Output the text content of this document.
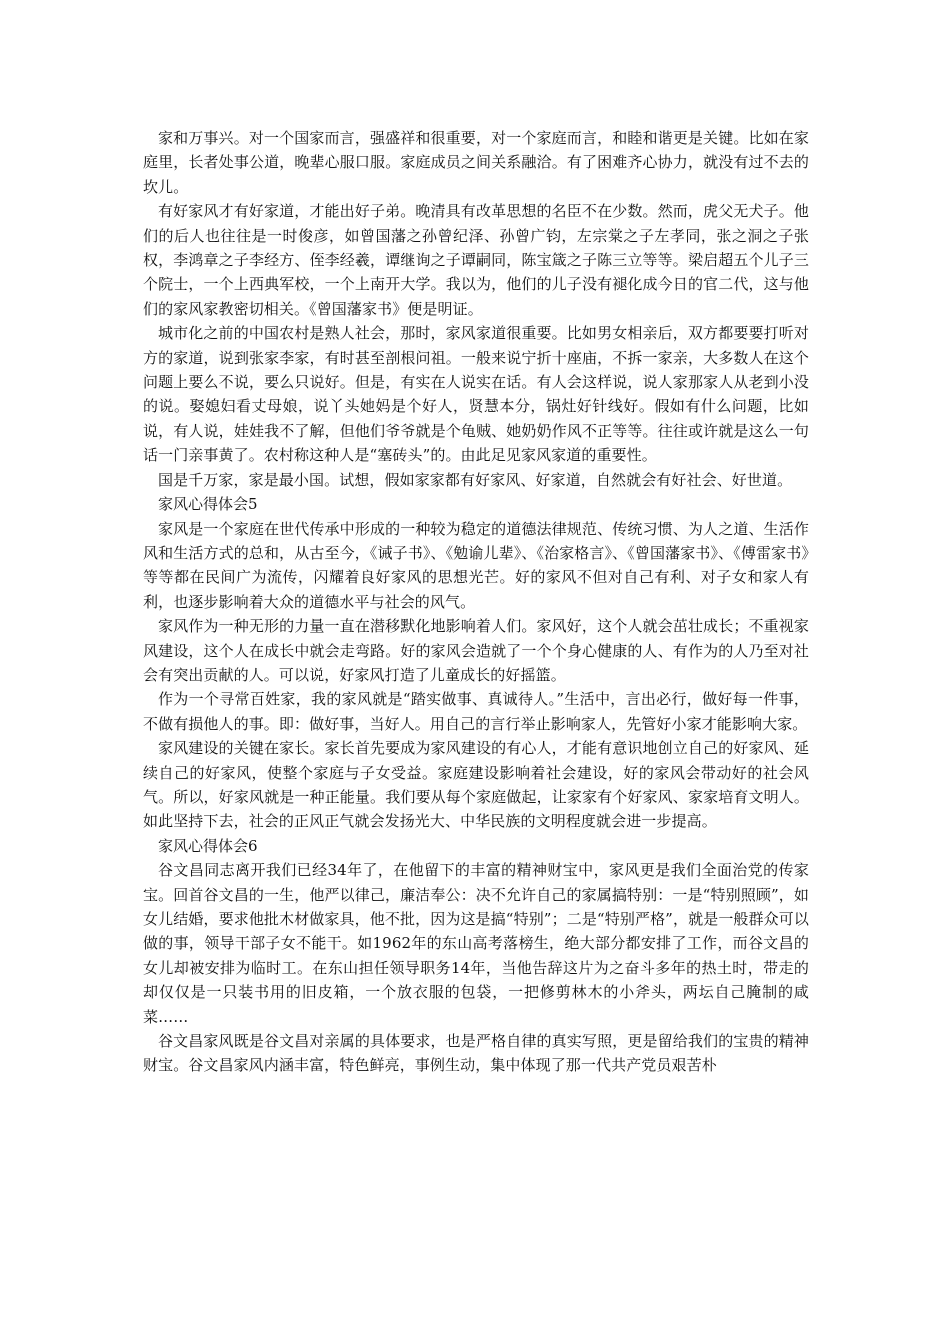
家和万事兴。对一个国家而言，强盛祥和很重要，对一个家庭而言，和睦和谐更是关键。比如在家庭里，长者处事公道，晚辈心服口服。家庭成员之间关系融洽。有了困难齐心协力，就没有过不去的坎儿。

有好家风才有好家道，才能出好子弟。晚清具有改革思想的名臣不在少数。然而，虎父无犬子。他们的后人也往往是一时俊彦，如曾国藩之孙曾纪泽、孙曾广钧，左宗棠之子左孝同，张之洞之子张权，李鸿章之子李经方、侄李经羲，谭继询之子谭嗣同，陈宝箴之子陈三立等等。梁启超五个儿子三个院士，一个上西典军校，一个上南开大学。我以为，他们的儿子没有褪化成今日的官二代，这与他们的家风家教密切相关。《曾国藩家书》便是明证。

城市化之前的中国农村是熟人社会，那时，家风家道很重要。比如男女相亲后，双方都要要打听对方的家道，说到张家李家，有时甚至剖根问祖。一般来说宁折十座庙，不拆一家亲，大多数人在这个问题上要么不说，要么只说好。但是，有实在人说实在话。有人会这样说，说人家那家人从老到小没的说。娶媳妇看丈母娘，说丫头她妈是个好人，贤慧本分，锅灶好针线好。假如有什么问题，比如说，有人说，娃娃我不了解，但他们爷爷就是个龟贼、她奶奶作风不正等等。往往或许就是这么一句话一门亲事黄了。农村称这种人是“塞砖头”的。由此足见家风家道的重要性。

国是千万家，家是最小国。试想，假如家家都有好家风、好家道，自然就会有好社会、好世道。

家风心得体会5

家风是一个家庭在世代传承中形成的一种较为稳定的道德法律规范、传统习惯、为人之道、生活作风和生活方式的总和，从古至今，《诫子书》、《勉谕儿辈》、《治家格言》、《曾国藩家书》、《傅雷家书》等等都在民间广为流传，闪耀着良好家风的思想光芒。好的家风不但对自己有利、对子女和家人有利，也逐步影响着大众的道德水平与社会的风气。

家风作为一种无形的力量一直在潜移默化地影响着人们。家风好，这个人就会茁壮成长；不重视家风建设，这个人在成长中就会走弯路。好的家风会造就了一个个身心健康的人、有作为的人乃至对社会有突出贡献的人。可以说，好家风打造了儿童成长的好摇篮。

作为一个寻常百姓家，我的家风就是“踏实做事、真诚待人。”生活中，言出必行，做好每一件事，不做有损他人的事。即：做好事，当好人。用自己的言行举止影响家人，先管好小家才能影响大家。

家风建设的关键在家长。家长首先要成为家风建设的有心人，才能有意识地创立自己的好家风、延续自己的好家风，使整个家庭与子女受益。家庭建设影响着社会建设，好的家风会带动好的社会风气。所以，好家风就是一种正能量。我们要从每个家庭做起，让家家有个好家风、家家培育文明人。如此坚持下去，社会的正风正气就会发扬光大、中华民族的文明程度就会进一步提高。

家风心得体会6

谷文昌同志离开我们已经34年了，在他留下的丰富的精神财宝中，家风更是我们全面治党的传家宝。回首谷文昌的一生，他严以律己，廉洁奉公：决不允许自己的家属搞特别：一是“特别照顾”，如女儿结婚，要求他批木材做家具，他不批，因为这是搞“特别”；二是“特别严格”，就是一般群众可以做的事，领导干部子女不能干。如1962年的东山高考落榜生，绝大部分都安排了工作，而谷文昌的女儿却被安排为临时工。在东山担任领导职务14年，当他告辞这片为之奋斗多年的热土时，带走的却仅仅是一只装书用的旧皮箱，一个放衣服的包袋，一把修剪林木的小斧头，两坛自己腌制的咸菜……

谷文昌家风既是谷文昌对亲属的具体要求，也是严格自律的真实写照，更是留给我们的宝贵的精神财宝。谷文昌家风内涵丰富，特色鲜亮，事例生动，集中体现了那一代共产党员艰苦朴
